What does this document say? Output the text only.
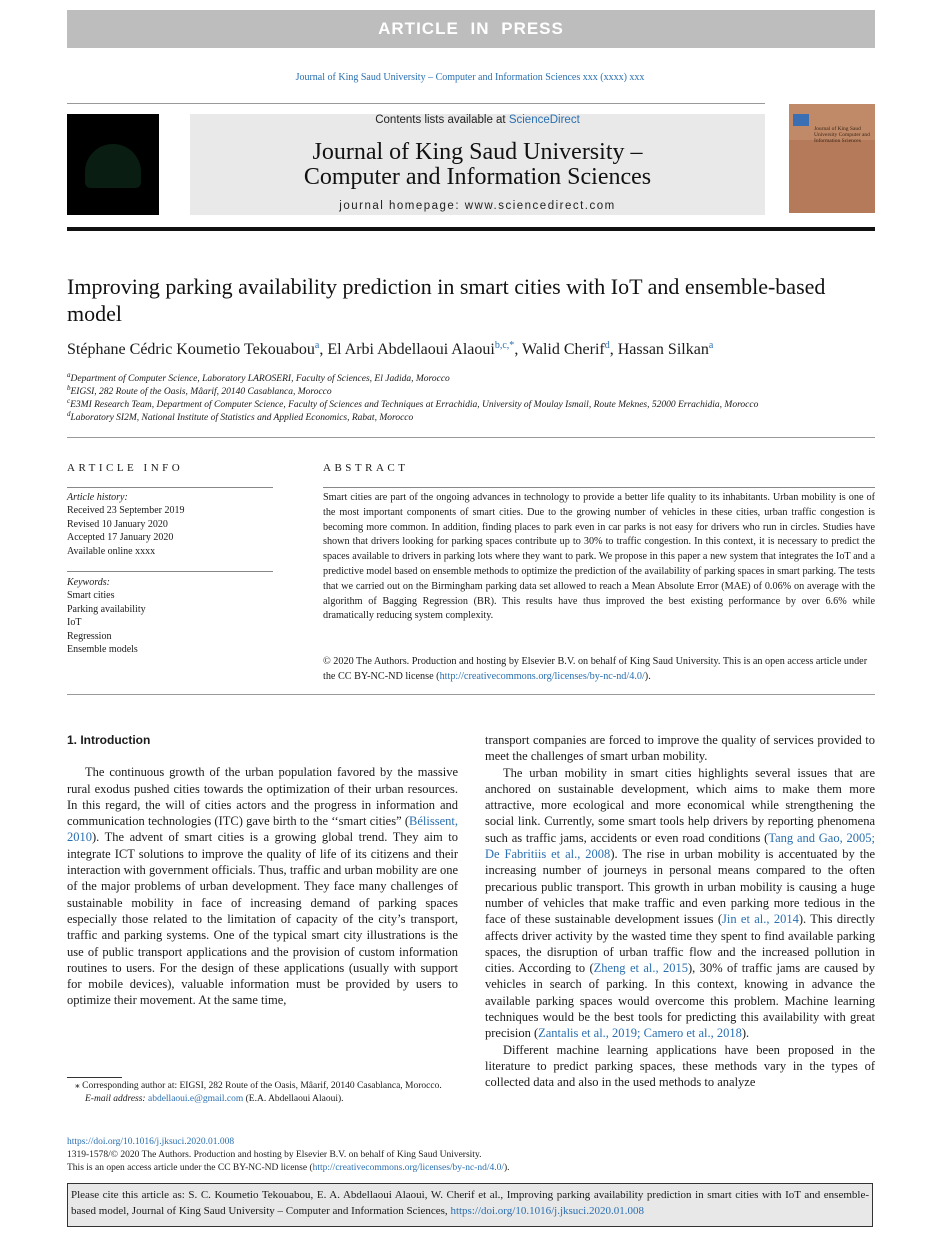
ARTICLE IN PRESS
Journal of King Saud University – Computer and Information Sciences xxx (xxxx) xxx
Contents lists available at ScienceDirect
Journal of King Saud University –
Computer and Information Sciences
journal homepage: www.sciencedirect.com
Journal of King Saud University Computer and Information Sciences
Improving parking availability prediction in smart cities with IoT and ensemble-based model
Stéphane Cédric Koumetio Tekouabou$^a$, El Arbi Abdellaoui Alaoui$^{b,c,*}$, Walid Cherif$^d$, Hassan Silkan$^a$
$^a$Department of Computer Science, Laboratory LAROSERI, Faculty of Sciences, El Jadida, Morocco
$^b$EIGSI, 282 Route of the Oasis, Mâarif, 20140 Casablanca, Morocco
$^c$E3MI Research Team, Department of Computer Science, Faculty of Sciences and Techniques at Errachidia, University of Moulay Ismail, Route Meknes, 52000 Errachidia, Morocco
$^d$Laboratory SI2M, National Institute of Statistics and Applied Economics, Rabat, Morocco
ARTICLE INFO
Article history:
Received 23 September 2019
Revised 10 January 2020
Accepted 17 January 2020
Available online xxxx
Keywords:
Smart cities
Parking availability
IoT
Regression
Ensemble models
ABSTRACT
Smart cities are part of the ongoing advances in technology to provide a better life quality to its inhabitants. Urban mobility is one of the most important components of smart cities. Due to the growing number of vehicles in these cities, urban traffic congestion is becoming more common. In addition, finding places to park even in car parks is not easy for drivers who run in circles. Studies have shown that drivers looking for parking spaces contribute up to 30% to traffic congestion. In this context, it is necessary to predict the spaces available to drivers in parking lots where they want to park. We propose in this paper a new system that integrates the IoT and a predictive model based on ensemble methods to optimize the prediction of the availability of parking spaces in smart parking. The tests that we carried out on the Birmingham parking data set allowed to reach a Mean Absolute Error (MAE) of 0.06% on average with the algorithm of Bagging Regression (BR). This results have thus improved the best existing performance by over 6.6% while dramatically reducing system complexity.
© 2020 The Authors. Production and hosting by Elsevier B.V. on behalf of King Saud University. This is an open access article under the CC BY-NC-ND license (http://creativecommons.org/licenses/by-nc-nd/4.0/).

1. Introduction

The continuous growth of the urban population favored by the massive rural exodus pushed cities towards the optimization of their urban resources. In this regard, the will of cities actors and the progress in information and communication technologies (ITC) gave birth to the ‘‘smart cities” (Bélissent, 2010). The advent of smart cities is a growing global trend. They aim to integrate ICT solutions to improve the quality of life of its citizens and their interaction with government officials. Thus, traffic and urban mobility are one of the major problems of urban development. They face many challenges of sustainable mobility in face of increasing demand of parking spaces especially those related to the limitation of capacity of the city’s transport, traffic and parking systems. One of the typical smart city illustrations is the use of public transport applications and the provision of custom information routines to users. For the design of these applications (usually with support for mobile devices), valuable information must be provided by users to optimize their movement. At the same time,

transport companies are forced to improve the quality of services provided to meet the challenges of smart urban mobility.

The urban mobility in smart cities highlights several issues that are anchored on sustainable development, which aims to make them more attractive, more ecological and more economical while strengthening the social link. Currently, some smart tools help drivers by reporting phenomena such as traffic jams, accidents or even road conditions (Tang and Gao, 2005; De Fabritiis et al., 2008). The rise in urban mobility is accentuated by the increasing number of journeys in personal means compared to the often precarious public transport. This growth in urban mobility is causing a huge number of vehicles that make traffic and even parking more tedious in the face of these sustainable development issues (Jin et al., 2014). This directly affects driver activity by the wasted time they spent to find available parking spaces, the disruption of urban traffic flow and the increased pollution in cities. According to (Zheng et al., 2015), 30% of traffic jams are caused by vehicles in search of parking. In this context, knowing in advance the available parking spaces would overcome this problem. Machine learning techniques would be the best tools for predicting this availability with great precision (Zantalis et al., 2019; Camero et al., 2018).

Different machine learning applications have been proposed in the literature to predict parking spaces, these methods vary in the types of collected data and also in the used methods to analyze

⁎ Corresponding author at: EIGSI, 282 Route of the Oasis, Mâarif, 20140 Casablanca, Morocco.
E-mail address: abdellaoui.e@gmail.com (E.A. Abdellaoui Alaoui).
https://doi.org/10.1016/j.jksuci.2020.01.008
1319-1578/© 2020 The Authors. Production and hosting by Elsevier B.V. on behalf of King Saud University.
This is an open access article under the CC BY-NC-ND license (http://creativecommons.org/licenses/by-nc-nd/4.0/).
Please cite this article as: S. C. Koumetio Tekouabou, E. A. Abdellaoui Alaoui, W. Cherif et al., Improving parking availability prediction in smart cities with IoT and ensemble-based model, Journal of King Saud University – Computer and Information Sciences, https://doi.org/10.1016/j.jksuci.2020.01.008
